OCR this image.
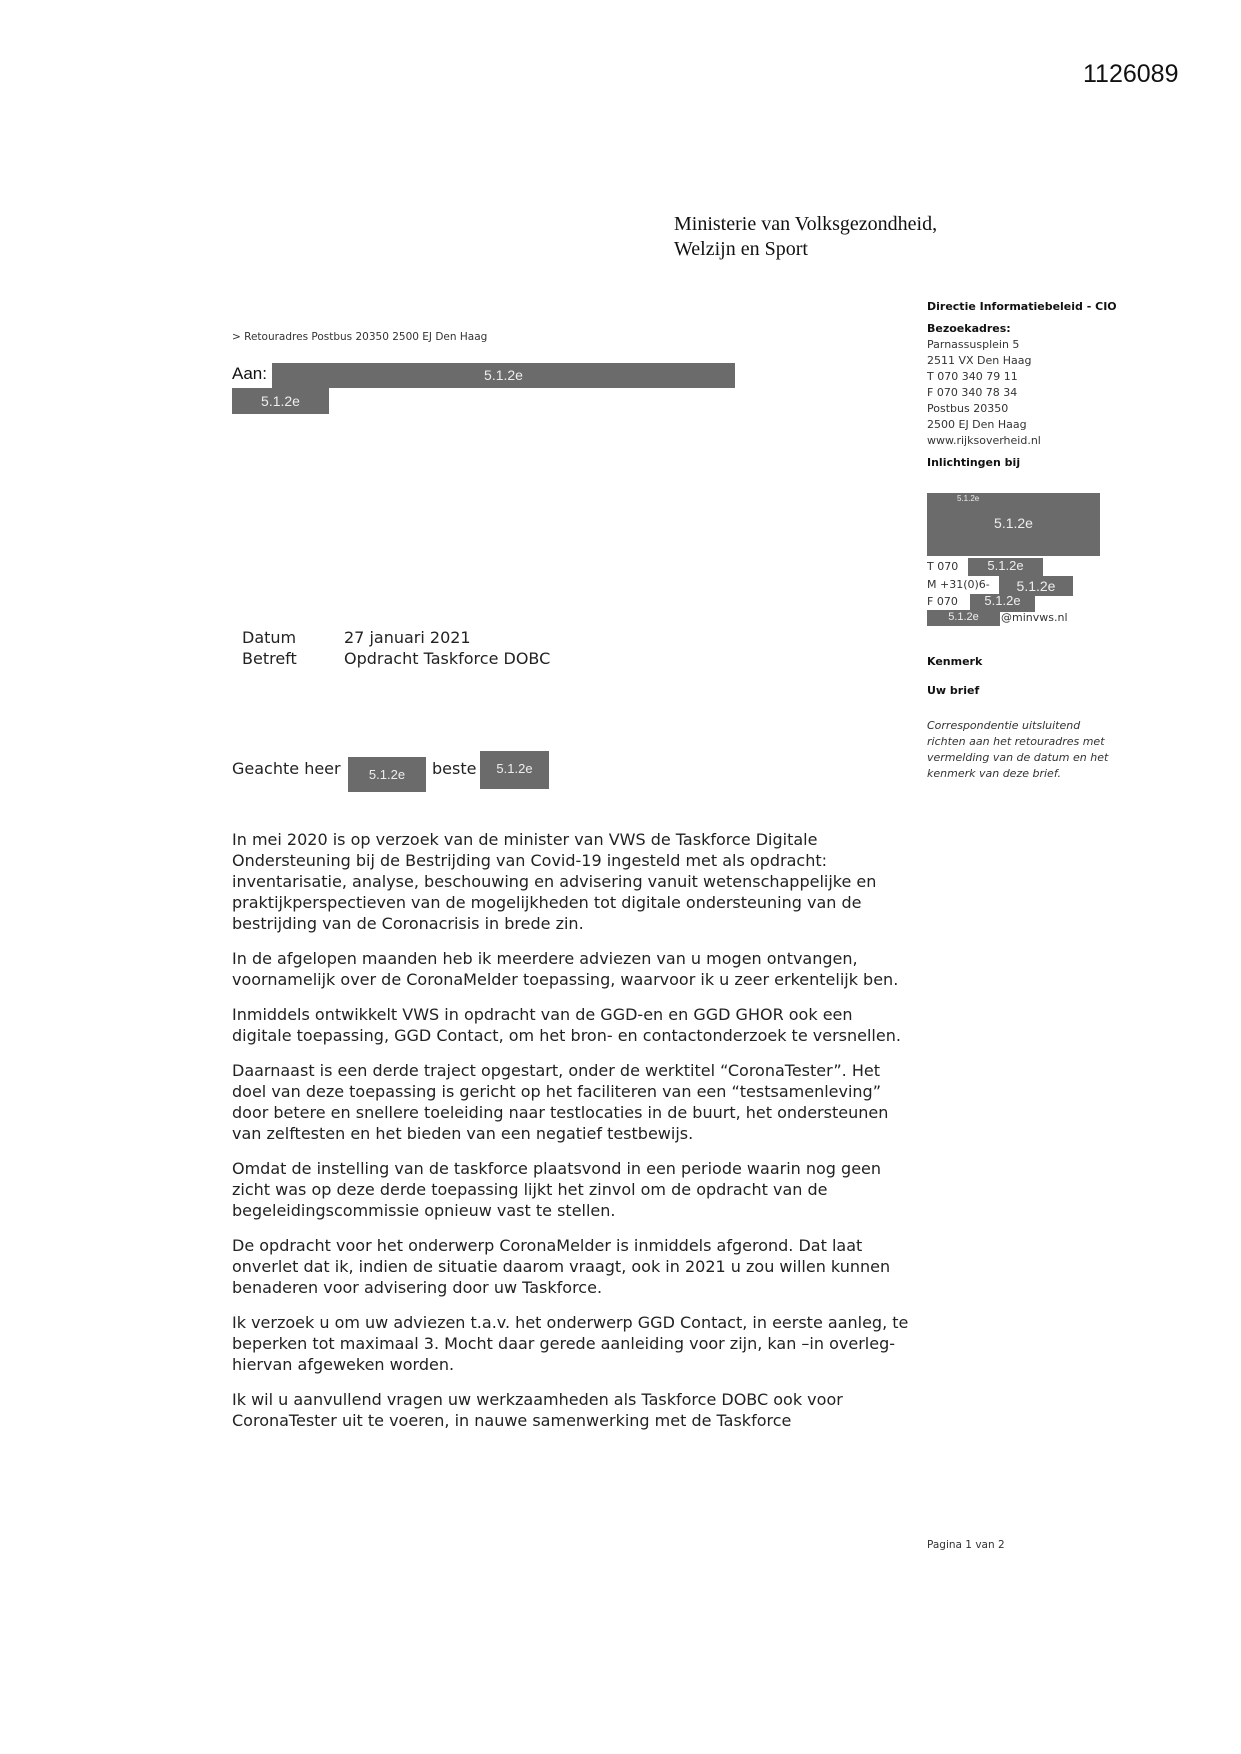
1126089
Ministerie van Volksgezondheid,
Welzijn en Sport
> Retouradres Postbus 20350 2500 EJ Den Haag
Aan:	5.1.2e
5.1.2e
Directie Informatiebeleid - CIO
Bezoekadres:
Parnassusplein 5
2511 VX Den Haag
T 070 340 79 11
F 070 340 78 34
Postbus 20350
2500 EJ Den Haag
www.rijksoverheid.nl
Inlichtingen bij
5.1.2e
5.1.2e
T 070	5.1.2e
M +31(0)6-	5.1.2e
F 070	5.1.2e
5.1.2e	@minvws.nl
Kenmerk
Uw brief
Correspondentie uitsluitend richten aan het retouradres met vermelding van de datum en het kenmerk van deze brief.
Datum	27 januari 2021
Betreft	Opdracht Taskforce DOBC
Geachte heer	5.1.2e	beste	5.1.2e

In mei 2020 is op verzoek van de minister van VWS de Taskforce Digitale Ondersteuning bij de Bestrijding van Covid-19 ingesteld met als opdracht: inventarisatie, analyse, beschouwing en advisering vanuit wetenschappelijke en praktijkperspectieven van de mogelijkheden tot digitale ondersteuning van de bestrijding van de Coronacrisis in brede zin.

In de afgelopen maanden heb ik meerdere adviezen van u mogen ontvangen, voornamelijk over de CoronaMelder toepassing, waarvoor ik u zeer erkentelijk ben.

Inmiddels ontwikkelt VWS in opdracht van de GGD-en en GGD GHOR ook een digitale toepassing, GGD Contact, om het bron- en contactonderzoek te versnellen.

Daarnaast is een derde traject opgestart, onder de werktitel “CoronaTester”. Het doel van deze toepassing is gericht op het faciliteren van een “testsamenleving” door betere en snellere toeleiding naar testlocaties in de buurt, het ondersteunen van zelftesten en het bieden van een negatief testbewijs.

Omdat de instelling van de taskforce plaatsvond in een periode waarin nog geen zicht was op deze derde toepassing lijkt het zinvol om de opdracht van de begeleidingscommissie opnieuw vast te stellen.

De opdracht voor het onderwerp CoronaMelder is inmiddels afgerond. Dat laat onverlet dat ik, indien de situatie daarom vraagt, ook in 2021 u zou willen kunnen benaderen voor advisering door uw Taskforce.

Ik verzoek u om uw adviezen t.a.v. het onderwerp GGD Contact, in eerste aanleg, te beperken tot maximaal 3. Mocht daar gerede aanleiding voor zijn, kan –in overleg- hiervan afgeweken worden.

Ik wil u aanvullend vragen uw werkzaamheden als Taskforce DOBC ook voor CoronaTester uit te voeren, in nauwe samenwerking met de Taskforce

Pagina 1 van 2
